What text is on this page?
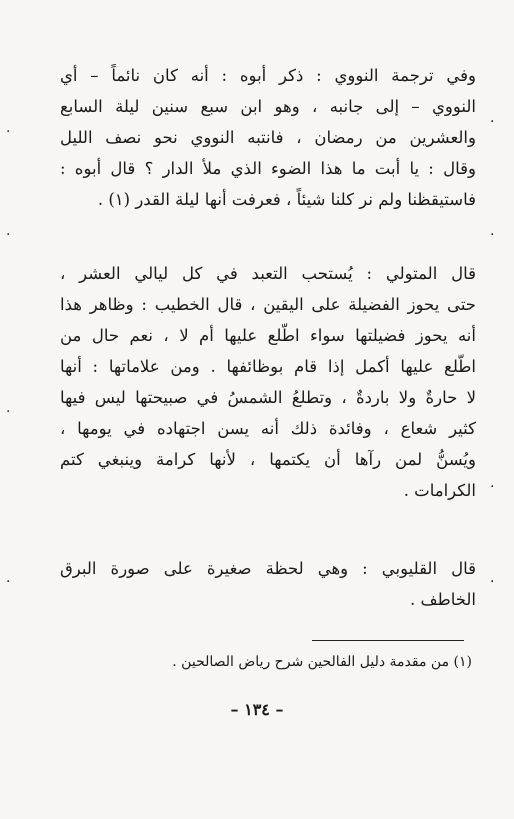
وفي ترجمة النووي : ذكر أبوه : أنه كان نائماً – أي
النووي – إلى جانبه ، وهو ابن سبع سنين ليلة السابع
والعشرين من رمضان ، فانتبه النووي نحو نصف الليل
وقال : يا أبت ما هذا الضوء الذي ملأ الدار ؟ قال أبوه :
فاستيقظنا ولم نر كلنا شيئاً ، فعرفت أنها ليلة القدر (١) .
قال المتولي : يُستحب التعبد في كل ليالي العشر ،
حتى يحوز الفضيلة على اليقين ، قال الخطيب : وظاهر هذا
أنه يحوز فضيلتها سواء اطّلع عليها أم لا ، نعم حال من
اطّلع عليها أكمل إذا قام بوظائفها . ومن علاماتها : أنها
لا حارةٌ ولا باردةٌ ، وتطلعُ الشمسُ في صبيحتها ليس فيها
كثير شعاع ، وفائدة ذلك أنه يسن اجتهاده في يومها ،
ويُسنُّ لمن رآها أن يكتمها ، لأنها كرامة وينبغي كتم
الكرامات .
قال القليوبي : وهي لحظة صغيرة على صورة البرق
الخاطف .
(١) من مقدمة دليل الفالحين شرح رياض الصالحين .
– ١٣٤ –
·
·
·	·
·
·
·	·
